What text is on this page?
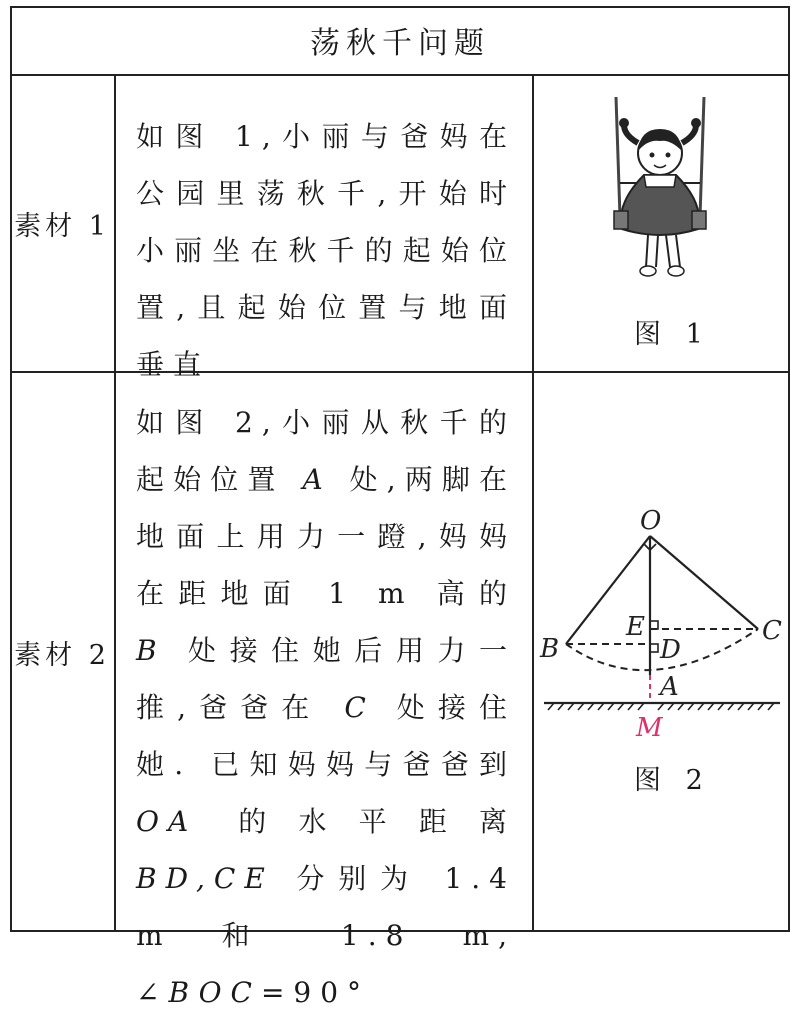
荡秋千问题
素材 1
如图 1,小丽与爸妈在公园里荡秋千,开始时小丽坐在秋千的起始位置,且起始位置与地面垂直
图 1
素材 2
如图 2,小丽从秋千的起始位置 A 处,两脚在地面上用力一蹬,妈妈在距地面 1 m 高的 B 处接住她后用力一推,爸爸在 C 处接住她. 已知妈妈与爸爸到 OA 的水平距离 BD,CE 分别为 1.4 m 和 1.8 m, ∠BOC=90°
O
B
C
E
D
A
M
图 2
